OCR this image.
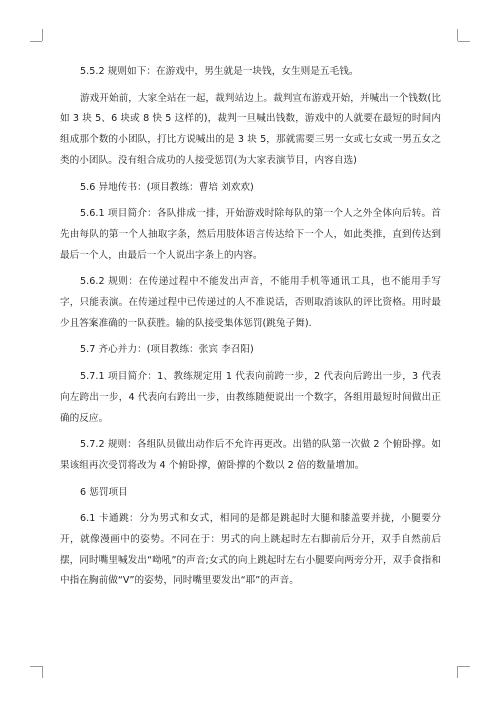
5.5.2 规则如下：在游戏中，男生就是一块钱，女生则是五毛钱。

游戏开始前，大家全站在一起，裁判站边上。裁判宣布游戏开始，并喊出一个钱数(比如 3 块 5、6 块或 8 快 5 这样的)，裁判一旦喊出钱数，游戏中的人就要在最短的时间内组成那个数的小团队，打比方说喊出的是 3 块 5，那就需要三男一女或七女或一男五女之类的小团队。没有组合成功的人接受惩罚(为大家表演节目，内容自选)

5.6 异地传书：(项目教练：曹培 刘欢欢)

5.6.1 项目简介：各队排成一排，开始游戏时除每队的第一个人之外全体向后转。首先由每队的第一个人抽取字条，然后用肢体语言传达给下一个人，如此类推，直到传达到最后一个人，由最后一个人说出字条上的内容。

5.6.2 规则：在传递过程中不能发出声音，不能用手机等通讯工具，也不能用手写字，只能表演。在传递过程中已传递过的人不准说话，否则取消该队的评比资格。用时最少且答案准确的一队获胜。输的队接受集体惩罚(跳兔子舞).

5.7 齐心并力：(项目教练：张宾 李召阳)

5.7.1 项目简介：1、教练规定用 1 代表向前跨一步，2 代表向后跨出一步，3 代表向左跨出一步，4 代表向右跨出一步，由教练随便说出一个数字，各组用最短时间做出正确的反应。

5.7.2 规则：各组队员做出动作后不允许再更改。出错的队第一次做 2 个俯卧撑。如果该组再次受罚将改为 4 个俯卧撑，俯卧撑的个数以 2 倍的数量增加。

6 惩罚项目

6.1 卡通跳：分为男式和女式，相同的是都是跳起时大腿和膝盖要并拢，小腿要分开，就像漫画中的姿势。不同在于：男式的向上跳起时左右脚前后分开，双手自然前后摆，同时嘴里喊发出“呦吼”的声音;女式的向上跳起时左右小腿要向两旁分开，双手食指和中指在胸前做“V”的姿势，同时嘴里要发出“耶”的声音。
